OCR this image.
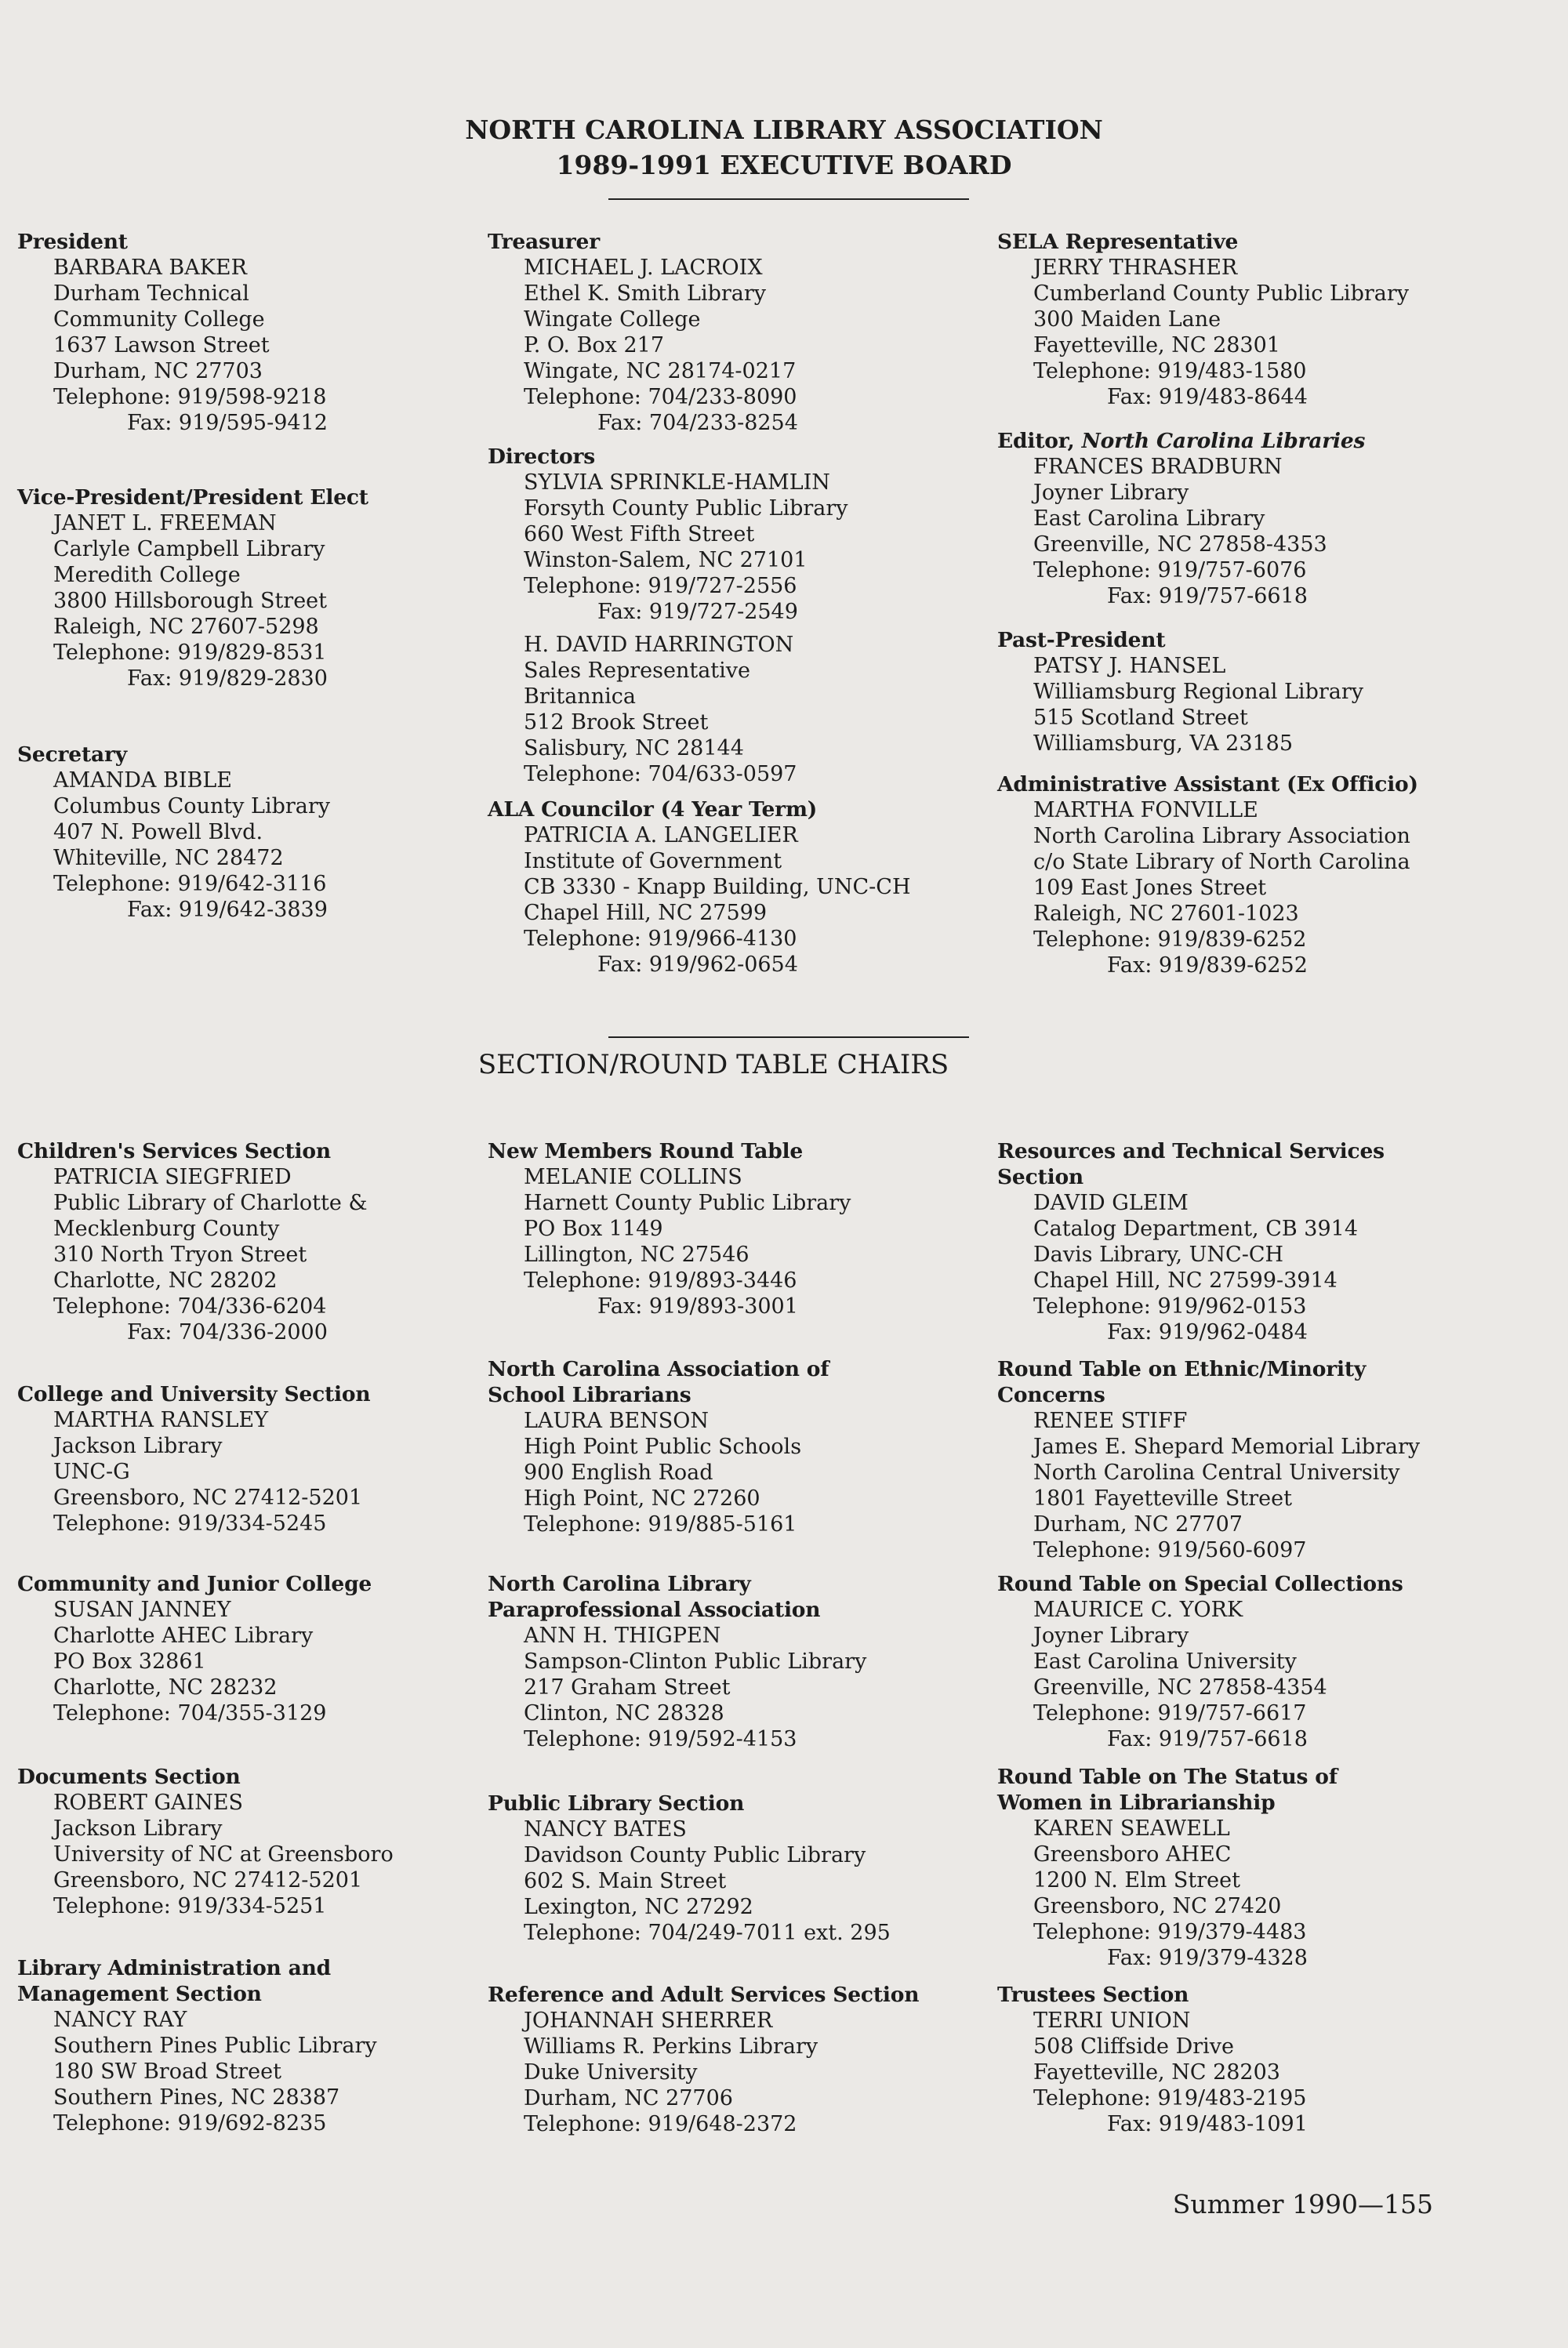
NORTH CAROLINA LIBRARY ASSOCIATION
1989-1991 EXECUTIVE BOARD
President
BARBARA BAKER
Durham Technical
Community College
1637 Lawson Street
Durham, NC 27703
Telephone: 919/598-9218
Fax: 919/595-9412
Vice-President/President Elect
JANET L. FREEMAN
Carlyle Campbell Library
Meredith College
3800 Hillsborough Street
Raleigh, NC 27607-5298
Telephone: 919/829-8531
Fax: 919/829-2830
Secretary
AMANDA BIBLE
Columbus County Library
407 N. Powell Blvd.
Whiteville, NC 28472
Telephone: 919/642-3116
Fax: 919/642-3839
Treasurer
MICHAEL J. LACROIX
Ethel K. Smith Library
Wingate College
P. O. Box 217
Wingate, NC 28174-0217
Telephone: 704/233-8090
Fax: 704/233-8254
Directors
SYLVIA SPRINKLE-HAMLIN
Forsyth County Public Library
660 West Fifth Street
Winston-Salem, NC 27101
Telephone: 919/727-2556
Fax: 919/727-2549
H. DAVID HARRINGTON
Sales Representative
Britannica
512 Brook Street
Salisbury, NC 28144
Telephone: 704/633-0597
ALA Councilor (4 Year Term)
PATRICIA A. LANGELIER
Institute of Government
CB 3330 - Knapp Building, UNC-CH
Chapel Hill, NC 27599
Telephone: 919/966-4130
Fax: 919/962-0654
SELA Representative
JERRY THRASHER
Cumberland County Public Library
300 Maiden Lane
Fayetteville, NC 28301
Telephone: 919/483-1580
Fax: 919/483-8644
Editor, North Carolina Libraries
FRANCES BRADBURN
Joyner Library
East Carolina Library
Greenville, NC 27858-4353
Telephone: 919/757-6076
Fax: 919/757-6618
Past-President
PATSY J. HANSEL
Williamsburg Regional Library
515 Scotland Street
Williamsburg, VA 23185
Administrative Assistant (Ex Officio)
MARTHA FONVILLE
North Carolina Library Association
c/o State Library of North Carolina
109 East Jones Street
Raleigh, NC 27601-1023
Telephone: 919/839-6252
Fax: 919/839-6252
SECTION/ROUND TABLE CHAIRS
Children's Services Section
PATRICIA SIEGFRIED
Public Library of Charlotte &
Mecklenburg County
310 North Tryon Street
Charlotte, NC 28202
Telephone: 704/336-6204
Fax: 704/336-2000
College and University Section
MARTHA RANSLEY
Jackson Library
UNC-G
Greensboro, NC 27412-5201
Telephone: 919/334-5245
Community and Junior College
SUSAN JANNEY
Charlotte AHEC Library
PO Box 32861
Charlotte, NC 28232
Telephone: 704/355-3129
Documents Section
ROBERT GAINES
Jackson Library
University of NC at Greensboro
Greensboro, NC 27412-5201
Telephone: 919/334-5251
Library Administration and
Management Section
NANCY RAY
Southern Pines Public Library
180 SW Broad Street
Southern Pines, NC 28387
Telephone: 919/692-8235
New Members Round Table
MELANIE COLLINS
Harnett County Public Library
PO Box 1149
Lillington, NC 27546
Telephone: 919/893-3446
Fax: 919/893-3001
North Carolina Association of
School Librarians
LAURA BENSON
High Point Public Schools
900 English Road
High Point, NC 27260
Telephone: 919/885-5161
North Carolina Library
Paraprofessional Association
ANN H. THIGPEN
Sampson-Clinton Public Library
217 Graham Street
Clinton, NC 28328
Telephone: 919/592-4153
Public Library Section
NANCY BATES
Davidson County Public Library
602 S. Main Street
Lexington, NC 27292
Telephone: 704/249-7011 ext. 295
Reference and Adult Services Section
JOHANNAH SHERRER
Williams R. Perkins Library
Duke University
Durham, NC 27706
Telephone: 919/648-2372
Resources and Technical Services
Section
DAVID GLEIM
Catalog Department, CB 3914
Davis Library, UNC-CH
Chapel Hill, NC 27599-3914
Telephone: 919/962-0153
Fax: 919/962-0484
Round Table on Ethnic/Minority
Concerns
RENEE STIFF
James E. Shepard Memorial Library
North Carolina Central University
1801 Fayetteville Street
Durham, NC 27707
Telephone: 919/560-6097
Round Table on Special Collections
MAURICE C. YORK
Joyner Library
East Carolina University
Greenville, NC 27858-4354
Telephone: 919/757-6617
Fax: 919/757-6618
Round Table on The Status of
Women in Librarianship
KAREN SEAWELL
Greensboro AHEC
1200 N. Elm Street
Greensboro, NC 27420
Telephone: 919/379-4483
Fax: 919/379-4328
Trustees Section
TERRI UNION
508 Cliffside Drive
Fayetteville, NC 28203
Telephone: 919/483-2195
Fax: 919/483-1091
Summer 1990—155
